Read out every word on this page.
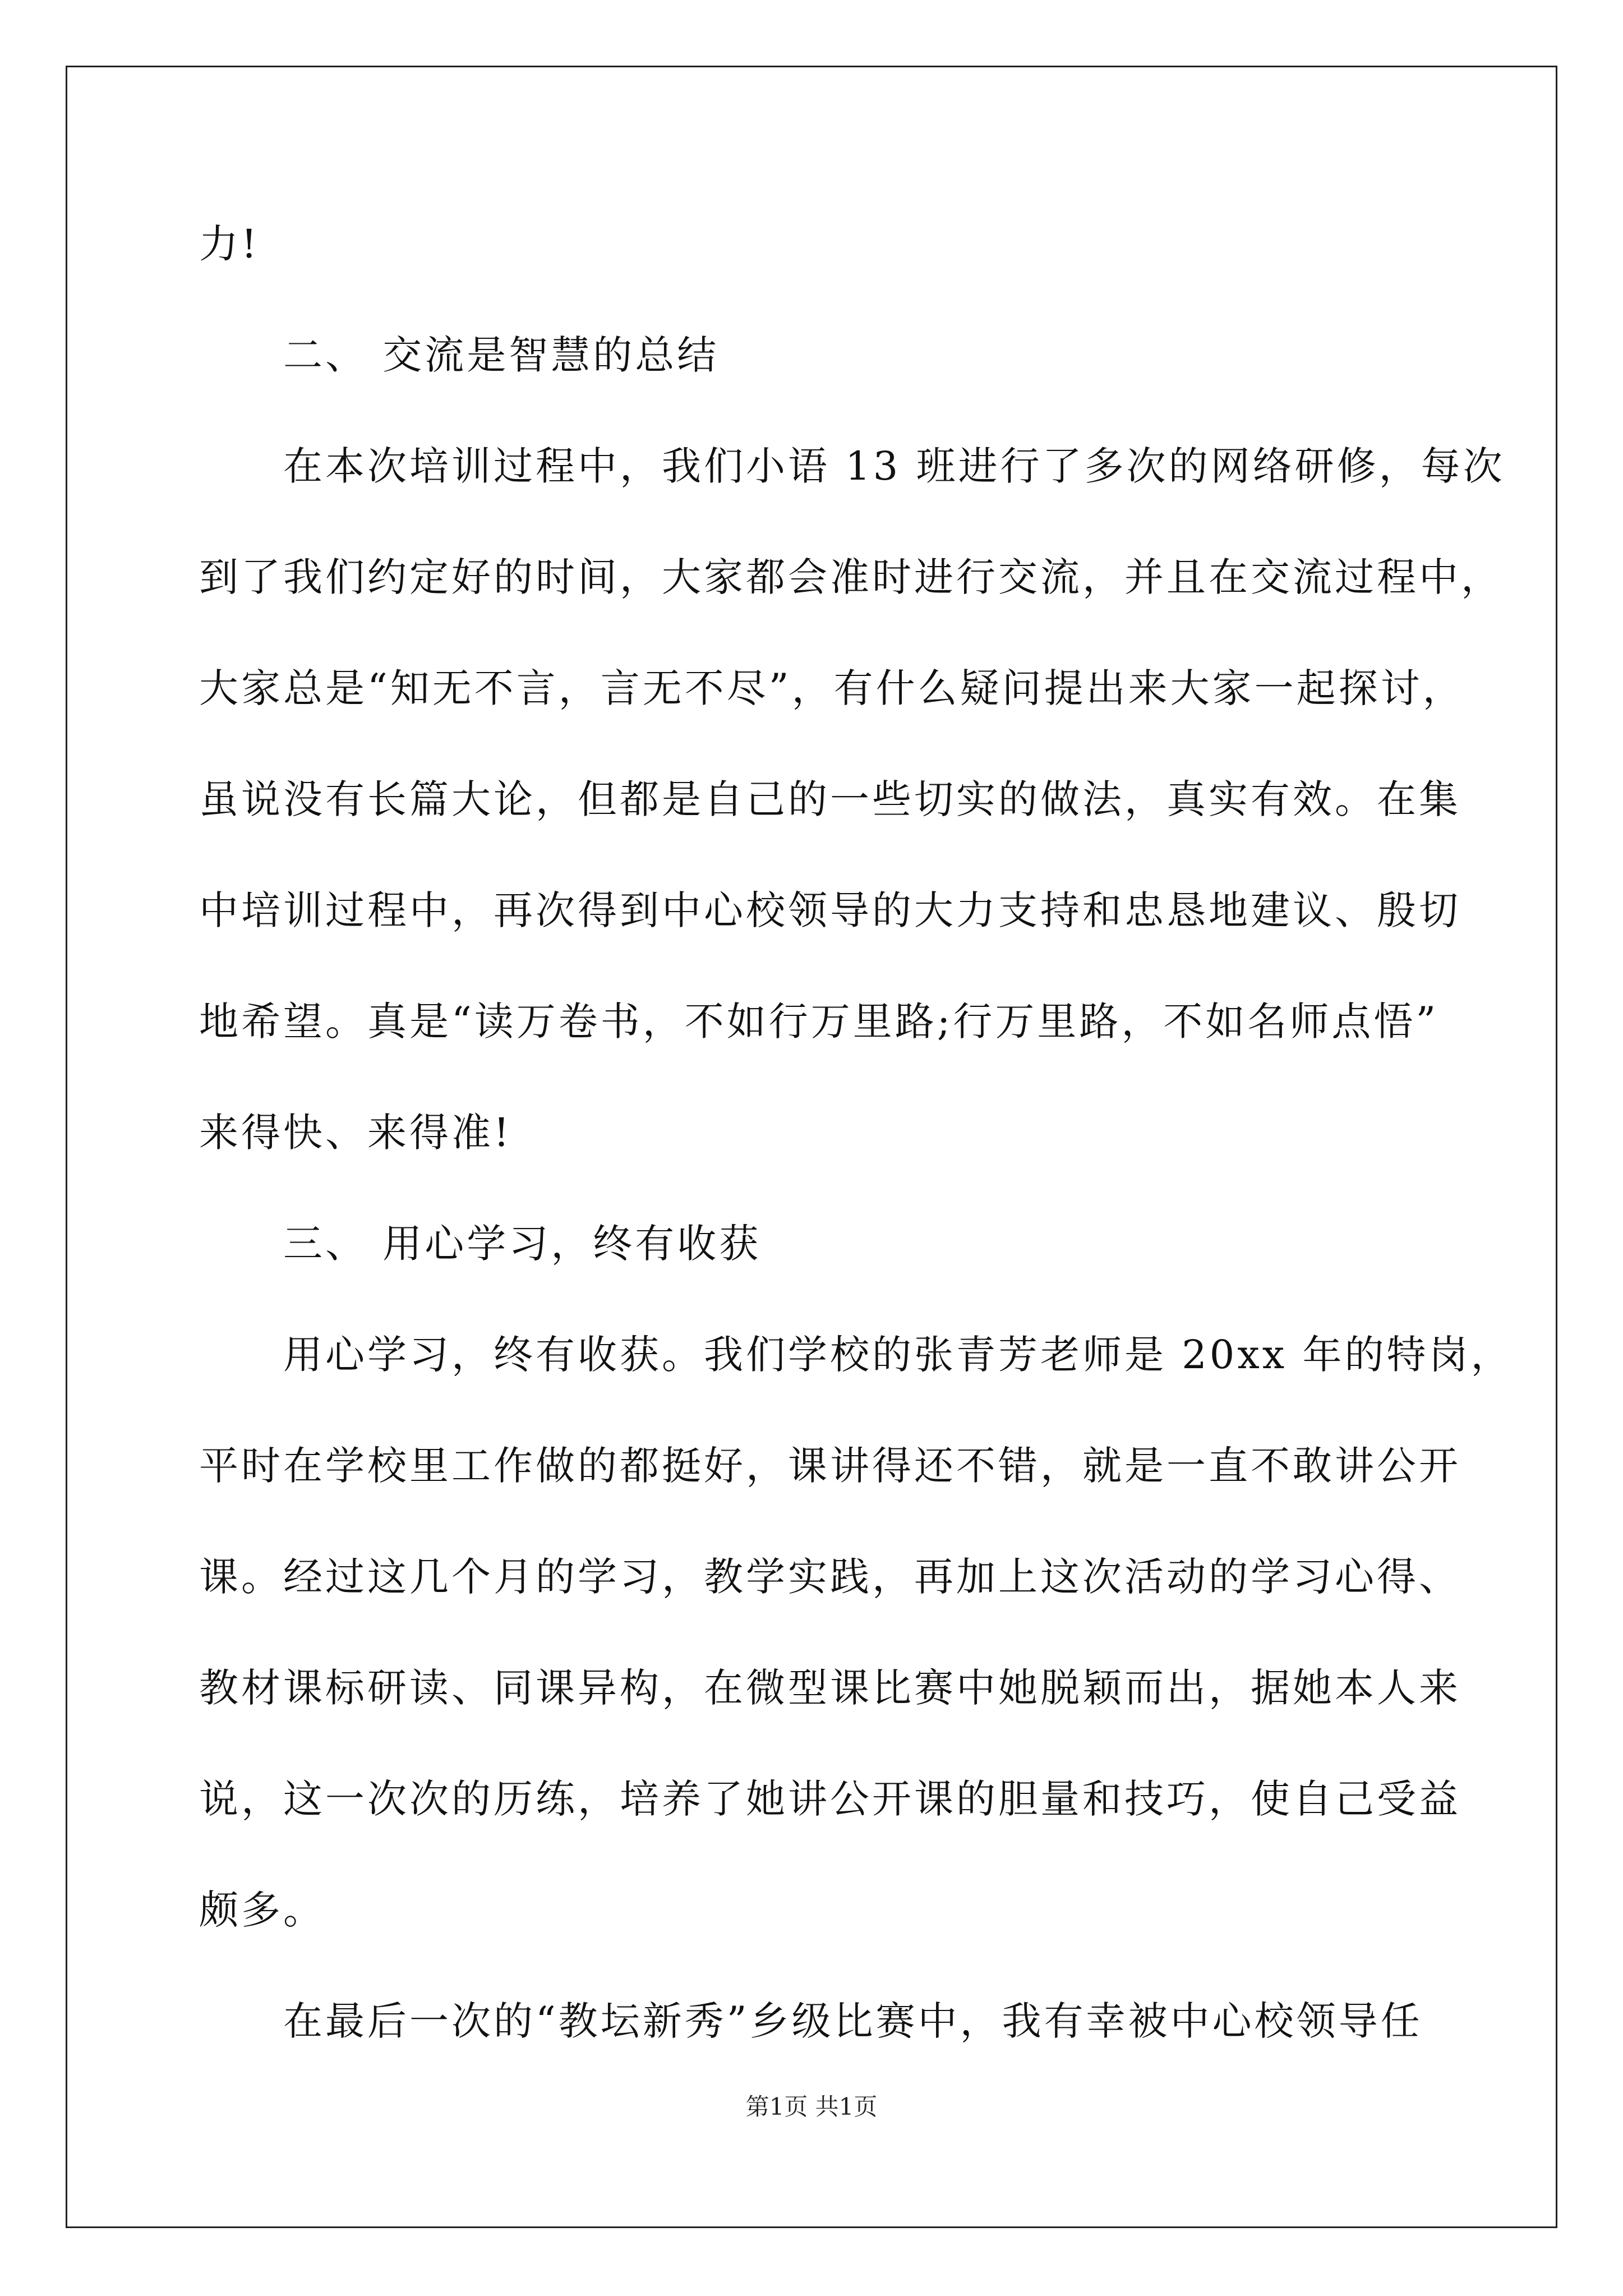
力!
二、 交流是智慧的总结
在本次培训过程中，我们小语 13 班进行了多次的网络研修，每次
到了我们约定好的时间，大家都会准时进行交流，并且在交流过程中，
大家总是“知无不言，言无不尽”，有什么疑问提出来大家一起探讨，
虽说没有长篇大论，但都是自己的一些切实的做法，真实有效。在集
中培训过程中，再次得到中心校领导的大力支持和忠恳地建议、殷切
地希望。真是“读万卷书，不如行万里路;行万里路，不如名师点悟”
来得快、来得准!
三、 用心学习，终有收获
用心学习，终有收获。我们学校的张青芳老师是 20xx 年的特岗，
平时在学校里工作做的都挺好，课讲得还不错，就是一直不敢讲公开
课。经过这几个月的学习，教学实践，再加上这次活动的学习心得、
教材课标研读、同课异构，在微型课比赛中她脱颖而出，据她本人来
说，这一次次的历练，培养了她讲公开课的胆量和技巧，使自己受益
颇多。
在最后一次的“教坛新秀”乡级比赛中，我有幸被中心校领导任
第1页 共1页
